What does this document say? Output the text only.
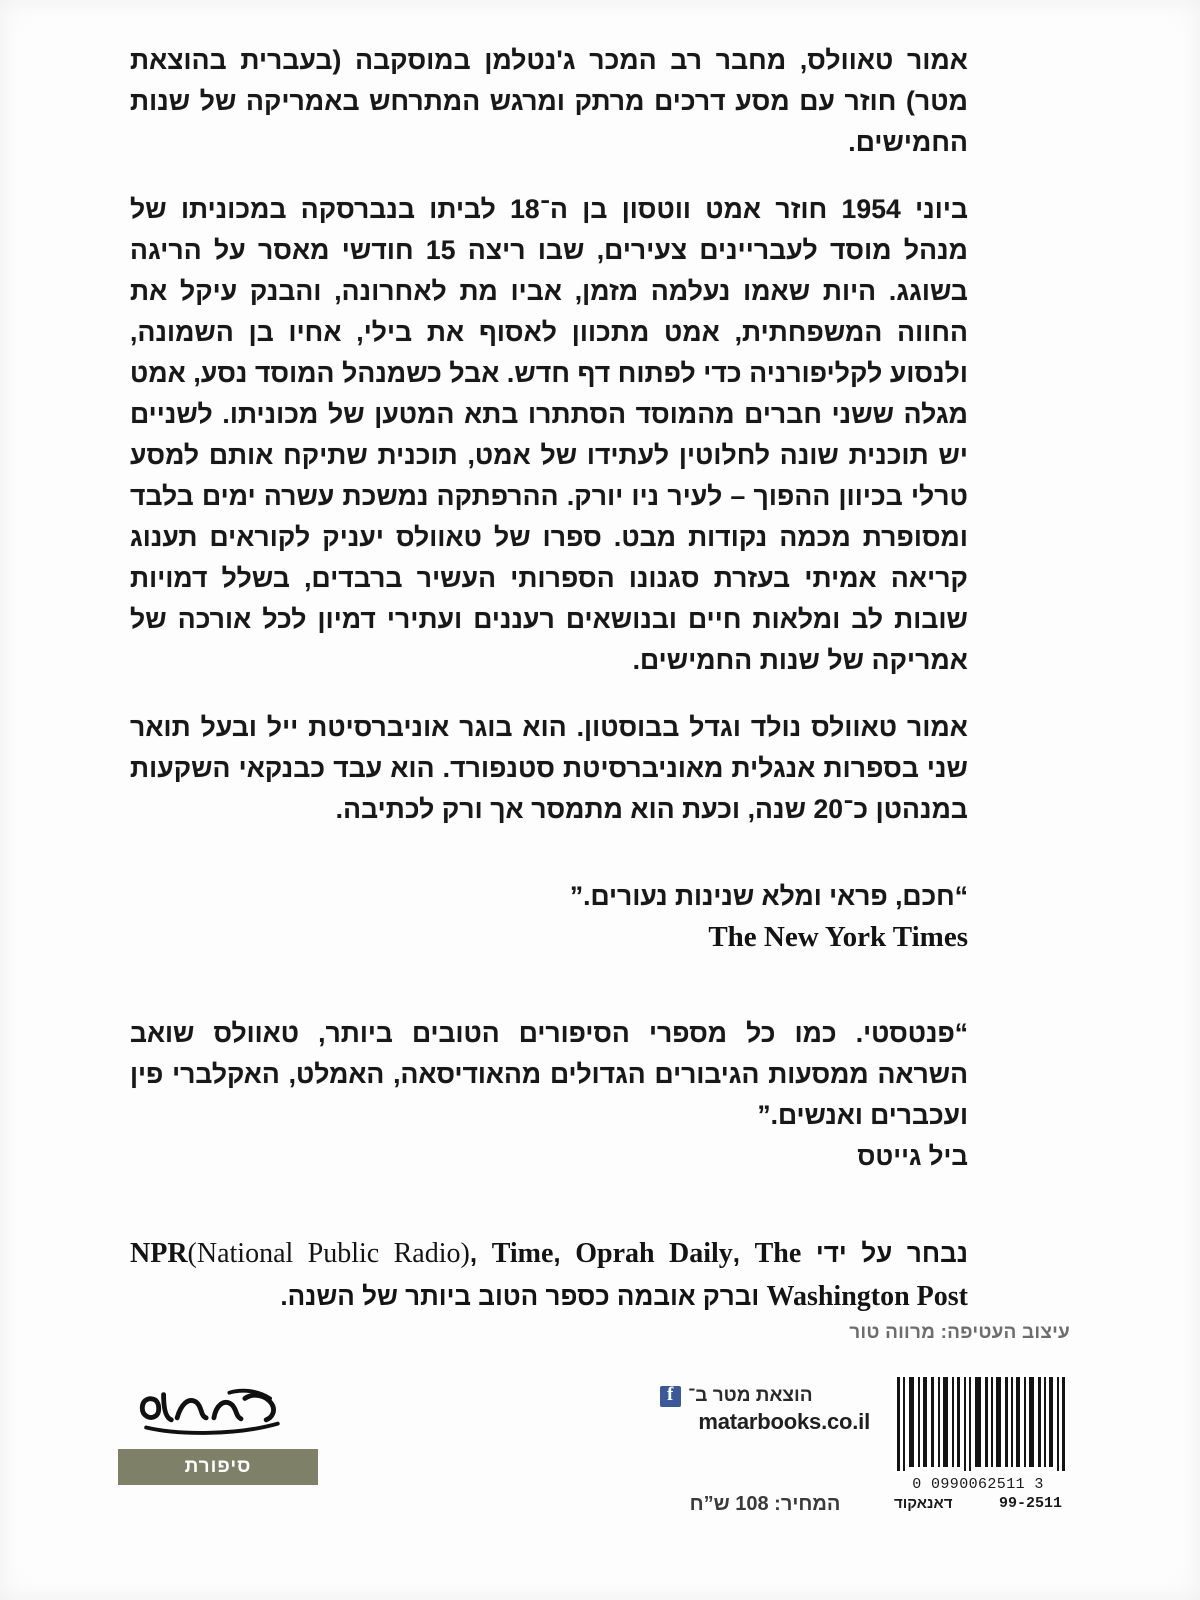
אמור טאוולס, מחבר רב המכר ג'נטלמן במוסקבה (בעברית בהוצאת מטר) חוזר עם מסע דרכים מרתק ומרגש המתרחש באמריקה של שנות החמישים.

ביוני 1954 חוזר אמט ווטסון בן ה־18 לביתו בנברסקה במכוניתו של מנהל מוסד לעבריינים צעירים, שבו ריצה 15 חודשי מאסר על הריגה בשוגג. היות שאמו נעלמה מזמן, אביו מת לאחרונה, והבנק עיקל את החווה המשפחתית, אמט מתכוון לאסוף את בילי, אחיו בן השמונה, ולנסוע לקליפורניה כדי לפתוח דף חדש. אבל כשמנהל המוסד נסע, אמט מגלה ששני חברים מהמוסד הסתתרו בתא המטען של מכוניתו. לשניים יש תוכנית שונה לחלוטין לעתידו של אמט, תוכנית שתיקח אותם למסע טרלי בכיוון ההפוך – לעיר ניו יורק. ההרפתקה נמשכת עשרה ימים בלבד ומסופרת מכמה נקודות מבט. ספרו של טאוולס יעניק לקוראים תענוג קריאה אמיתי בעזרת סגנונו הספרותי העשיר ברבדים, בשלל דמויות שובות לב ומלאות חיים ובנושאים רעננים ועתירי דמיון לכל אורכה של אמריקה של שנות החמישים.

אמור טאוולס נולד וגדל בבוסטון. הוא בוגר אוניברסיטת ייל ובעל תואר שני בספרות אנגלית מאוניברסיטת סטנפורד. הוא עבד כבנקאי השקעות במנהטן כ־20 שנה, וכעת הוא מתמסר אך ורק לכתיבה.

“חכם, פראי ומלא שנינות נעורים.”

The New York Times

“פנטסטי. כמו כל מספרי הסיפורים הטובים ביותר, טאוולס שואב השראה ממסעות הגיבורים הגדולים מהאודיסאה, האמלט, האקלברי פין ועכברים ואנשים.”

ביל גייטס

נבחר על ידי NPR(National Public Radio), Time, Oprah Daily, The Washington Post וברק אובמה כספר הטוב ביותר של השנה.

עיצוב העטיפה: מרווה טור
סיפורת
f
הוצאת מטר ב־
matarbooks.co.il
המחיר: 108 ש”ח
0 0990062511 3
99-2511
דאנאקוד
